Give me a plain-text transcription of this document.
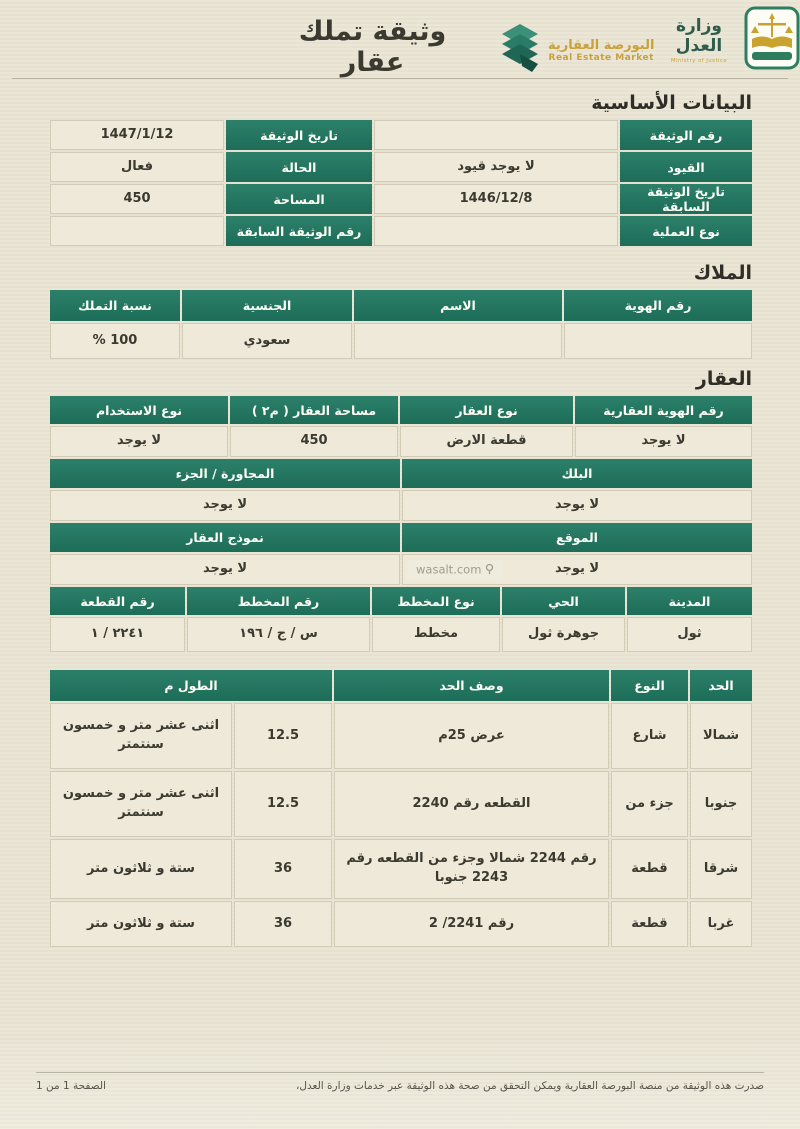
وثيقة تملك عقار
البورصة العقارية
Real Estate Market
وزارة العدل
Ministry of Justice
البيانات الأساسية
رقم الوثيقة
تاريخ الوثيقة
1447/1/12
القيود
لا يوجد قيود
الحالة
فعال
تاريخ الوثيقة السابقة
1446/12/8
المساحة
450
نوع العملية
رقم الوثيقة السابقة
الملاك
رقم الهوية
الاسم
الجنسية
نسبة التملك
سعودي
100 %
العقار
رقم الهوية العقارية
نوع العقار
مساحة العقار ( م٢ )
نوع الاستخدام
لا يوجد
قطعة الارض
450
لا يوجد
البلك
المجاورة / الجزء
لا يوجد
لا يوجد
الموقع
نموذج العقار
لا يوجد
wasalt.com
لا يوجد
المدينة
الحي
نوع المخطط
رقم المخطط
رقم القطعة
ثول
جوهرة ثول
مخطط
س / ج / ١٩٦
٢٢٤١ / ١
الحد
النوع
وصف الحد
الطول م
شمالا
شارع
عرض 25م
12.5
اثنى عشر متر و خمسون سنتمتر
جنوبا
جزء من
القطعه رقم 2240
12.5
اثنى عشر متر و خمسون سنتمتر
شرقا
قطعة
رقم 2244 شمالا وجزء من القطعه رقم 2243 جنوبا
36
ستة و ثلاثون متر
غربا
قطعة
رقم 2241/ 2
36
ستة و ثلاثون متر
صدرت هذه الوثيقة من منصة البورصة العقارية ويمكن التحقق من صحة هذه الوثيقة عبر خدمات وزارة العدل،
الصفحة 1 من 1
